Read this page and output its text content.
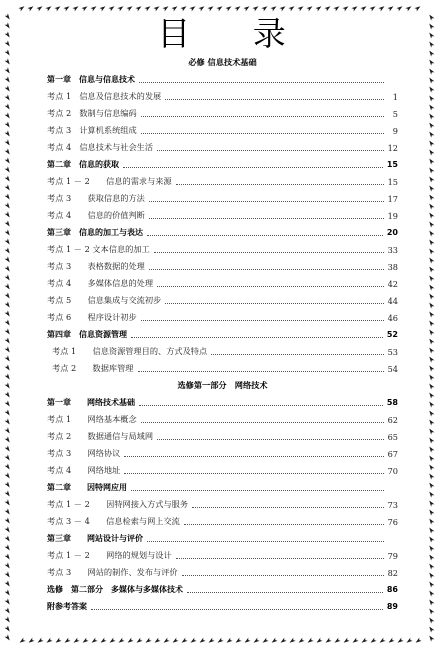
目 录
必修 信息技术基础
第一章　信息与信息技术
考点 1　信息及信息技术的发展	1
考点 2　数制与信息编码	5
考点 3　计算机系统组成	9
考点 4　信息技术与社会生活	12
第二章　信息的获取	15
考点 1 － 2　　信息的需求与来源	15
考点 3　　获取信息的方法	17
考点 4　　信息的价值判断	19
第三章　信息的加工与表达	20
考点 1 － 2 文本信息的加工	33
考点 3　　表格数据的处理	38
考点 4　　多媒体信息的处理	42
考点 5　　信息集成与交流初步	44
考点 6　　程序设计初步	46
第四章　信息资源管理	52
考点 1　　信息资源管理目的、方式及特点	53
考点 2　　数据库管理	54
选修第一部分　网络技术
第一章　　网络技术基础	58
考点 1　　网络基本概念	62
考点 2　　数据通信与局域网	65
考点 3　　网络协议	67
考点 4　　网络地址	70
第二章　　因特网应用
考点 1 － 2　　因特网接入方式与服务	73
考点 3 － 4　　信息检索与网上交流	76
第三章　　网站设计与评价
考点 1 － 2　　网络的规划与设计	79
考点 3　　网站的制作、发布与评价	82
选修　第二部分　多媒体与多媒体技术	86
附参考答案	89
